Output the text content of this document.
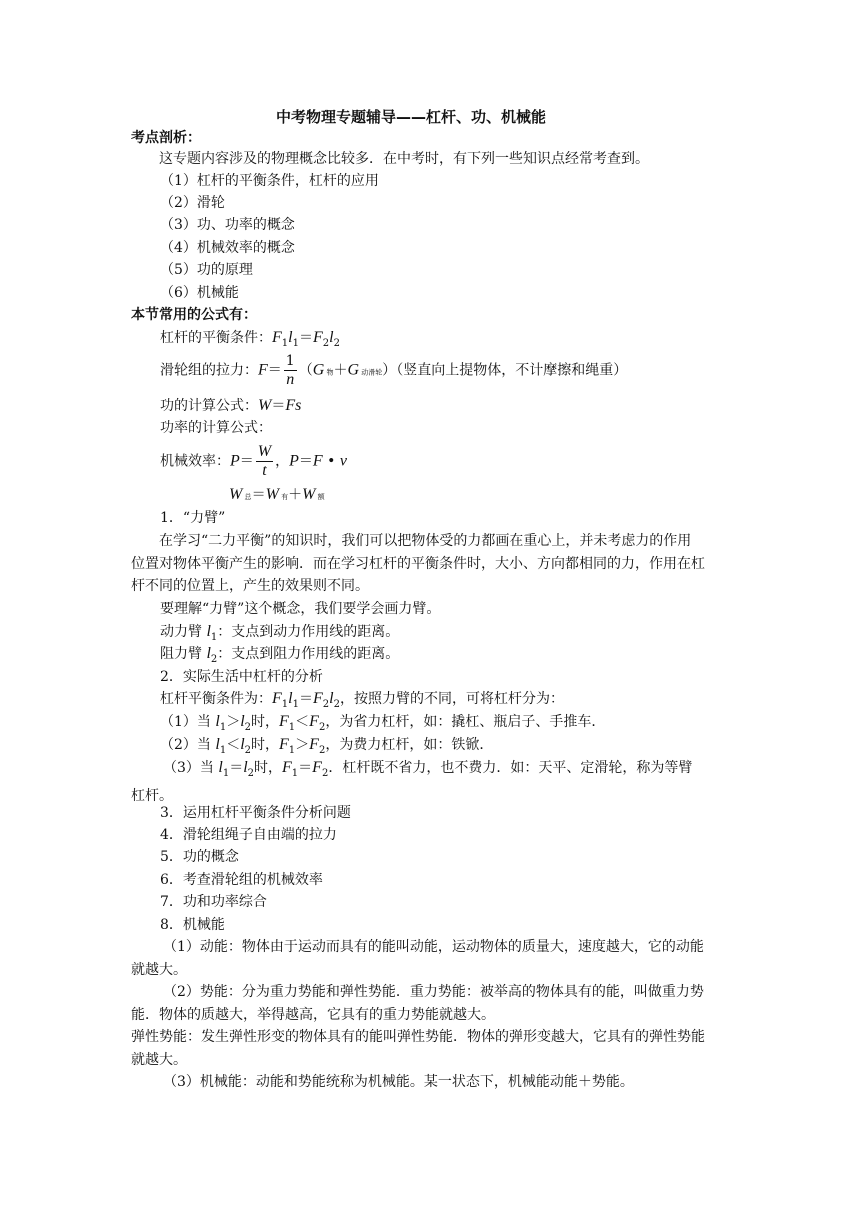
中考物理专题辅导——杠杆、功、机械能
考点剖析：
这专题内容涉及的物理概念比较多．在中考时，有下列一些知识点经常考查到。
（1）杠杆的平衡条件，杠杆的应用
（2）滑轮
（3）功、功率的概念
（4）机械效率的概念
（5）功的原理
（6）机械能
本节常用的公式有：
杠杆的平衡条件：$F_1l_1=F_2l_2$
滑轮组的拉力：$F= \frac{1}{n} (G$ 物＋G 动滑轮）（竖直向上提物体，不计摩擦和绳重）
功的计算公式：W＝Fs
功率的计算公式：
机械效率：$P= \frac{W}{t}$ ，P＝F • v
W 总＝W 有＋W 额
1．“力臂”
在学习“二力平衡”的知识时，我们可以把物体受的力都画在重心上，并未考虑力的作用位置对物体平衡产生的影响．而在学习杠杆的平衡条件时，大小、方向都相同的力，作用在杠杆不同的位置上，产生的效果则不同。
要理解“力臂”这个概念，我们要学会画力臂。
动力臂 $l_1$：支点到动力作用线的距离。
阻力臂 $l_2$：支点到阻力作用线的距离。
2．实际生活中杠杆的分析
杠杆平衡条件为：$F_1l_1=F_2l_2$，按照力臂的不同，可将杠杆分为：
（1）当 $l_1>l_2$时，$F_1<F_2$，为省力杠杆，如：撬杠、瓶启子、手推车．
（2）当 $l_1<l_2$时，$F_1>F_2$，为费力杠杆，如：铁锨．
（3）当 $l_1=l_2$时，$F_1=F_2$．杠杆既不省力，也不费力．如：天平、定滑轮，称为等臂杠杆。
3．运用杠杆平衡条件分析问题
4．滑轮组绳子自由端的拉力
5．功的概念
6．考查滑轮组的机械效率
7．功和功率综合
8．机械能
（1）动能：物体由于运动而具有的能叫动能，运动物体的质量大，速度越大，它的动能就越大。
（2）势能：分为重力势能和弹性势能．重力势能：被举高的物体具有的能，叫做重力势能．物体的质越大，举得越高，它具有的重力势能就越大。
弹性势能：发生弹性形变的物体具有的能叫弹性势能．物体的弹形变越大，它具有的弹性势能就越大。
（3）机械能：动能和势能统称为机械能。某一状态下，机械能动能＋势能。
